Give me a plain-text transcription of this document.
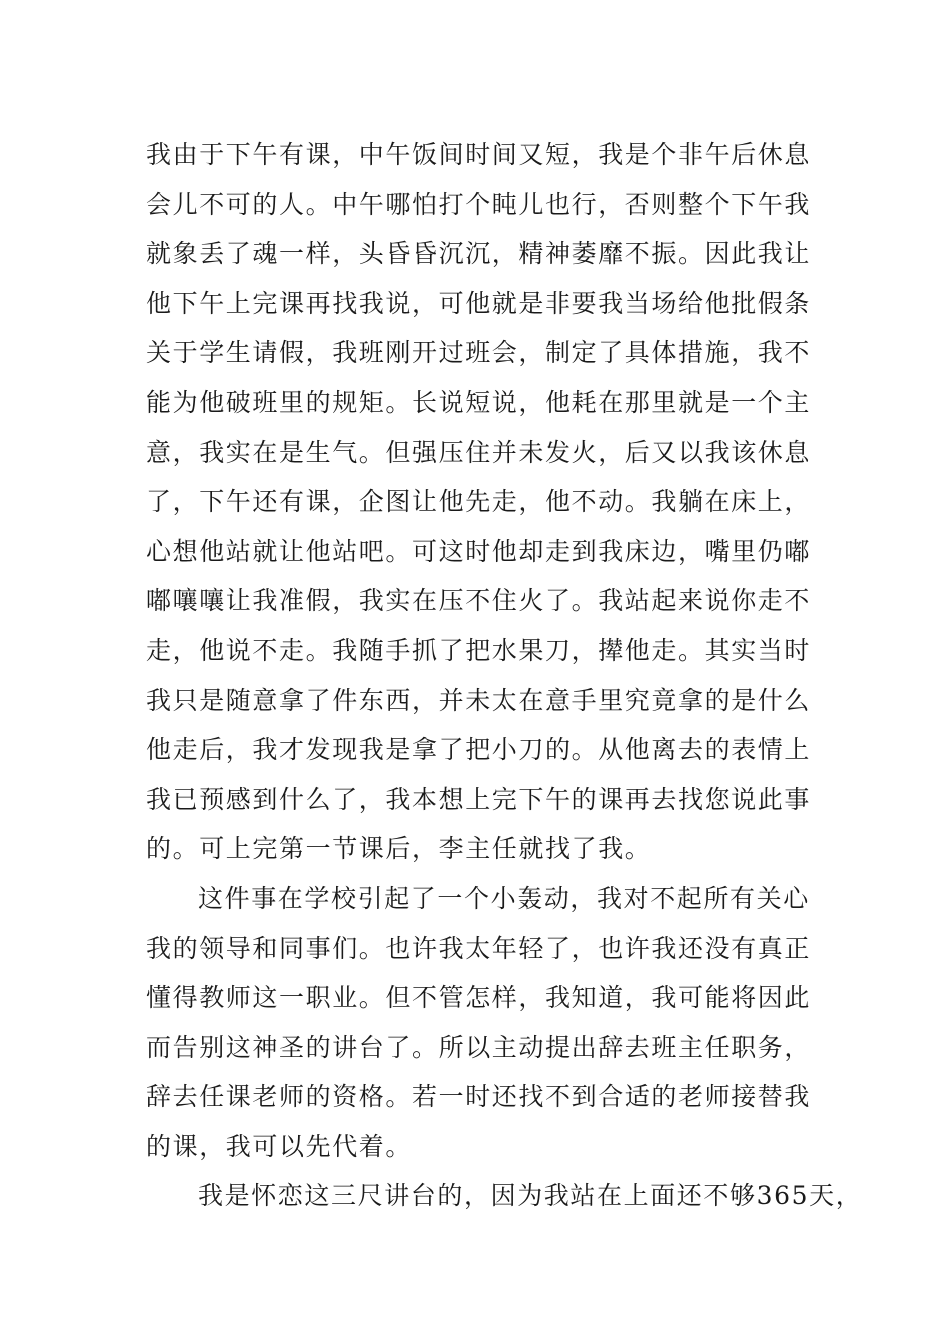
我由于下午有课，中午饭间时间又短，我是个非午后休息
会儿不可的人。中午哪怕打个盹儿也行，否则整个下午我
就象丢了魂一样，头昏昏沉沉，精神萎靡不振。因此我让
他下午上完课再找我说，可他就是非要我当场给他批假条
关于学生请假，我班刚开过班会，制定了具体措施，我不
能为他破班里的规矩。长说短说，他耗在那里就是一个主
意，我实在是生气。但强压住并未发火，后又以我该休息
了，下午还有课，企图让他先走，他不动。我躺在床上，
心想他站就让他站吧。可这时他却走到我床边，嘴里仍嘟
嘟嚷嚷让我准假，我实在压不住火了。我站起来说你走不
走，他说不走。我随手抓了把水果刀，撵他走。其实当时
我只是随意拿了件东西，并未太在意手里究竟拿的是什么
他走后，我才发现我是拿了把小刀的。从他离去的表情上
我已预感到什么了，我本想上完下午的课再去找您说此事
的。可上完第一节课后，李主任就找了我。
这件事在学校引起了一个小轰动，我对不起所有关心
我的领导和同事们。也许我太年轻了，也许我还没有真正
懂得教师这一职业。但不管怎样，我知道，我可能将因此
而告别这神圣的讲台了。所以主动提出辞去班主任职务，
辞去任课老师的资格。若一时还找不到合适的老师接替我
的课，我可以先代着。
我是怀恋这三尺讲台的，因为我站在上面还不够365天，
